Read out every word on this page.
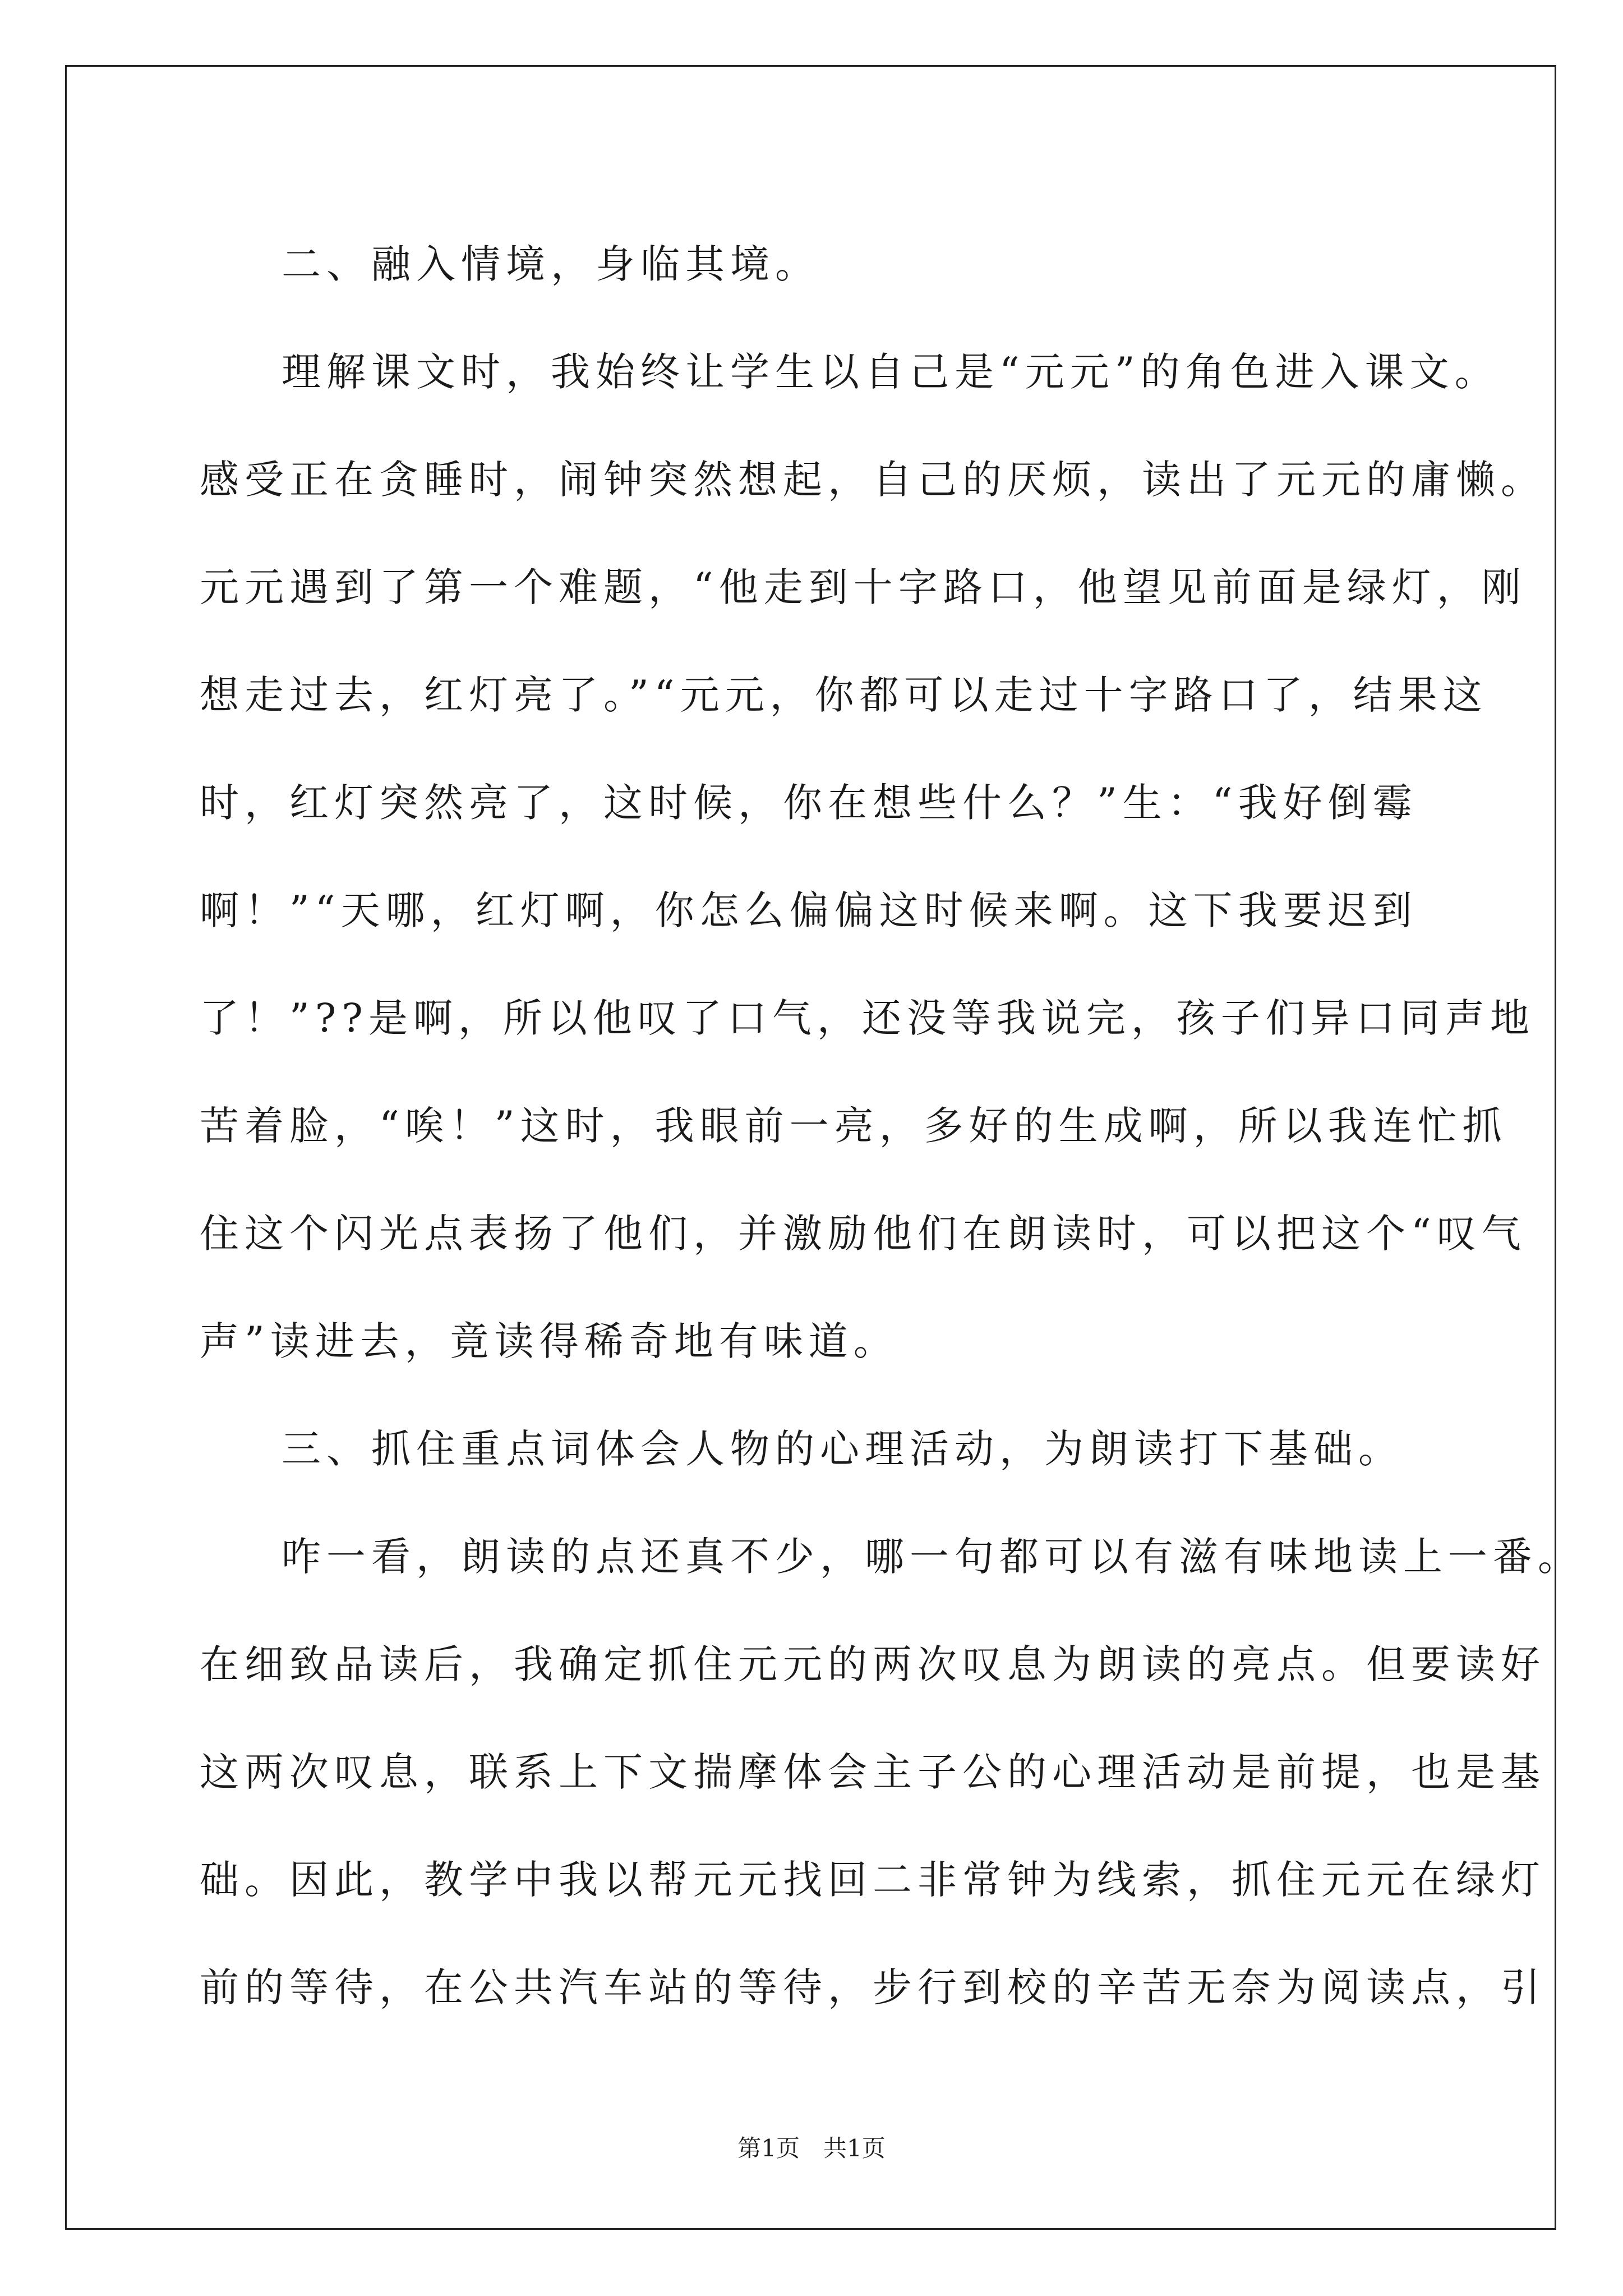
二、融入情境，身临其境。
理解课文时，我始终让学生以自己是“元元”的角色进入课文。
感受正在贪睡时，闹钟突然想起，自己的厌烦，读出了元元的庸懒。
元元遇到了第一个难题，“他走到十字路口，他望见前面是绿灯，刚
想走过去，红灯亮了。”“元元，你都可以走过十字路口了，结果这
时，红灯突然亮了，这时候，你在想些什么？”生：“我好倒霉
啊！”“天哪，红灯啊，你怎么偏偏这时候来啊。这下我要迟到
了！”??是啊，所以他叹了口气，还没等我说完，孩子们异口同声地
苦着脸，“唉！”这时，我眼前一亮，多好的生成啊，所以我连忙抓
住这个闪光点表扬了他们，并激励他们在朗读时，可以把这个“叹气
声”读进去，竟读得稀奇地有味道。
三、抓住重点词体会人物的心理活动，为朗读打下基础。
咋一看，朗读的点还真不少，哪一句都可以有滋有味地读上一番。
在细致品读后，我确定抓住元元的两次叹息为朗读的亮点。但要读好
这两次叹息，联系上下文揣摩体会主子公的心理活动是前提，也是基
础。因此，教学中我以帮元元找回二非常钟为线索，抓住元元在绿灯
前的等待，在公共汽车站的等待，步行到校的辛苦无奈为阅读点，引
第1页　共1页
